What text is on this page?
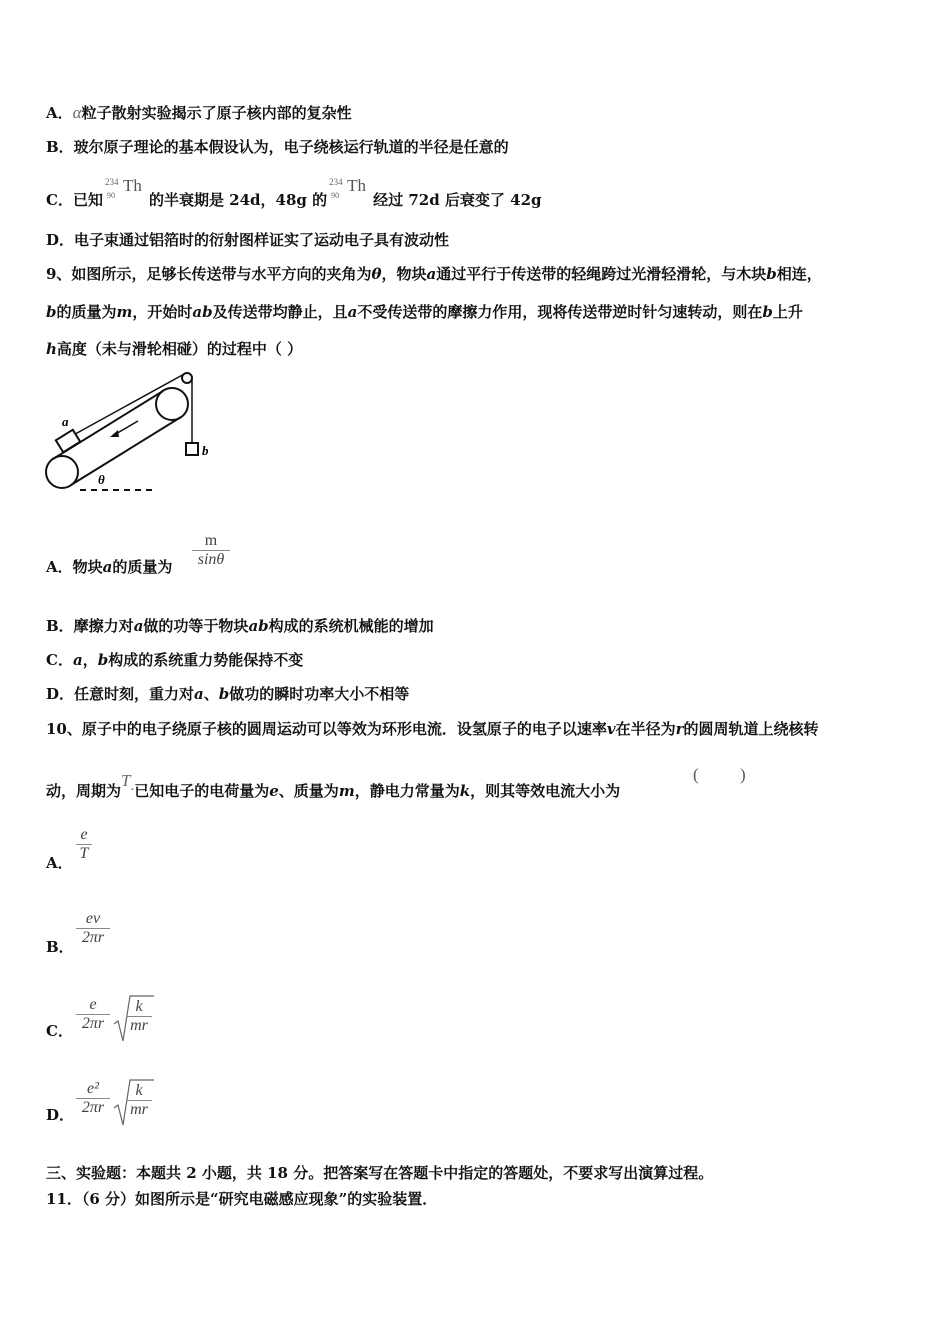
A．α粒子散射实验揭示了原子核内部的复杂性
B．玻尔原子理论的基本假设认为，电子绕核运行轨道的半径是任意的
C．已知
234
90
Th
的半衰期是 24d，48g 的
234
90
Th
经过 72d 后衰变了 42g
D．电子束通过铝箔时的衍射图样证实了运动电子具有波动性
9、如图所示，足够长传送带与水平方向的夹角为θ，物块a通过平行于传送带的轻绳跨过光滑轻滑轮，与木块b相连，
b的质量为m，开始时ab及传送带均静止，且a不受传送带的摩擦力作用，现将传送带逆时针匀速转动，则在b上升
h高度（未与滑轮相碰）的过程中（ ）
a
b
θ
A．物块a的质量为
m
sinθ
B．摩擦力对a做的功等于物块ab构成的系统机械能的增加
C．a，b构成的系统重力势能保持不变
D．任意时刻，重力对a、b做功的瞬时功率大小不相等
10、原子中的电子绕原子核的圆周运动可以等效为环形电流．设氢原子的电子以速率v在半径为r的圆周轨道上绕核转
动，周期为T.已知电子的电荷量为e、质量为m，静电力常量为k，则其等效电流大小为
( )
A．
e
T
B．
ev
2πr
C．
e
2πr
k
mr
D．
e²
2πr
k
mr
三、实验题：本题共 2 小题，共 18 分。把答案写在答题卡中指定的答题处，不要求写出演算过程。
11．（6 分）如图所示是“研究电磁感应现象”的实验装置．
